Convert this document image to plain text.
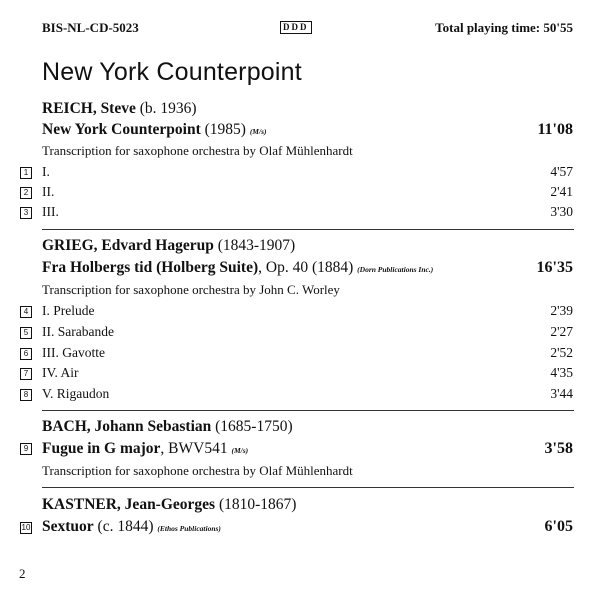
BIS-NL-CD-5023	DDD	Total playing time: 50'55
New York Counterpoint
REICH, Steve (b. 1936)
New York Counterpoint (1985) (M/s)	11'08
Transcription for saxophone orchestra by Olaf Mühlenhardt
1 I.	4'57
2 II.	2'41
3 III.	3'30
GRIEG, Edvard Hagerup (1843-1907)
Fra Holbergs tid (Holberg Suite), Op. 40 (1884) (Dorn Publications Inc.)	16'35
Transcription for saxophone orchestra by John C. Worley
4 I. Prelude	2'39
5 II. Sarabande	2'27
6 III. Gavotte	2'52
7 IV. Air	4'35
8 V. Rigaudon	3'44
BACH, Johann Sebastian (1685-1750)
9 Fugue in G major, BWV541 (M/s)	3'58
Transcription for saxophone orchestra by Olaf Mühlenhardt
KASTNER, Jean-Georges (1810-1867)
10 Sextuor (c. 1844) (Ethos Publications)	6'05
2
